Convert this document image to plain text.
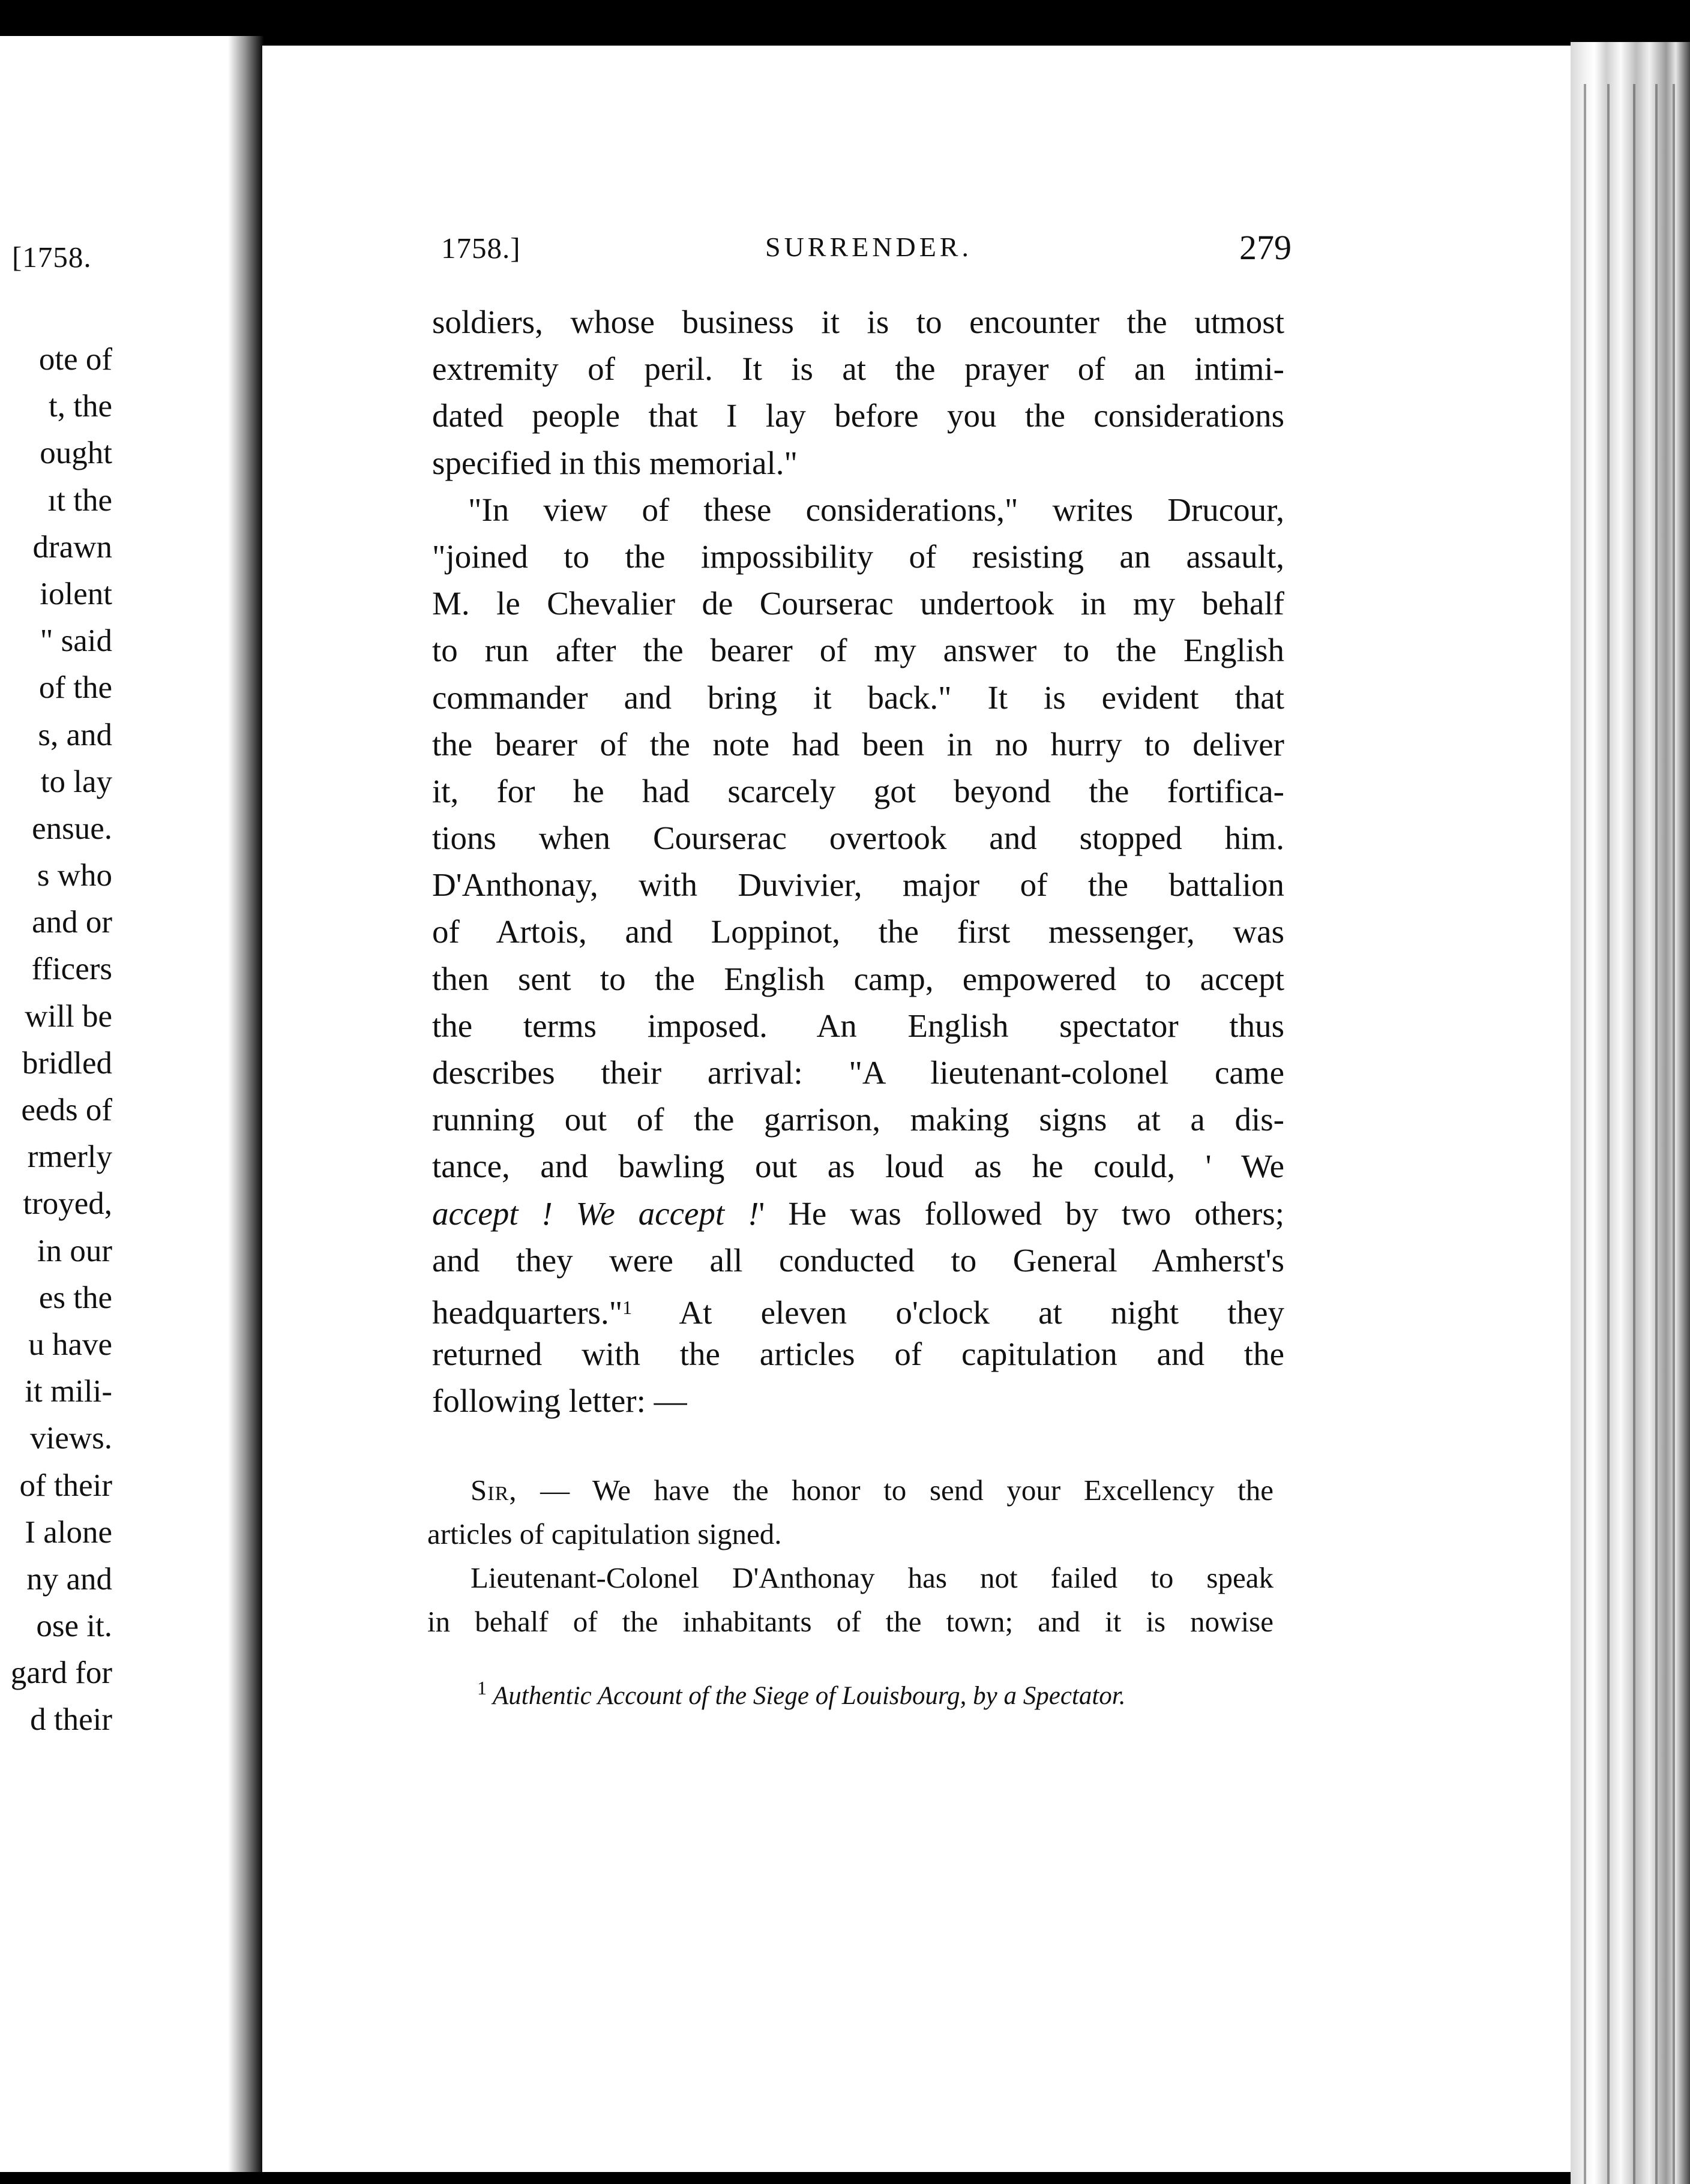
[1758.
ote of
t, the
ought
ıt the
drawn
iolent
" said
of the
s, and
to lay
ensue.
s who
and or
fficers
will be
bridled
eeds of
rmerly
troyed,
in our
es the
u have
it mili-
views.
of their
I alone
ny and
ose it.
gard for
d their
1758.]	SURRENDER.	279
soldiers, whose business it is to encounter the utmost
extremity of peril. It is at the prayer of an intimi-
dated people that I lay before you the considerations
specified in this memorial."
"In view of these considerations," writes Drucour,
"joined to the impossibility of resisting an assault,
M. le Chevalier de Courserac undertook in my behalf
to run after the bearer of my answer to the English
commander and bring it back." It is evident that
the bearer of the note had been in no hurry to deliver
it, for he had scarcely got beyond the fortifica-
tions when Courserac overtook and stopped him.
D'Anthonay, with Duvivier, major of the battalion
of Artois, and Loppinot, the first messenger, was
then sent to the English camp, empowered to accept
the terms imposed. An English spectator thus
describes their arrival: "A lieutenant-colonel came
running out of the garrison, making signs at a dis-
tance, and bawling out as loud as he could, ' We
accept ! We accept !' He was followed by two others;
and they were all conducted to General Amherst's
headquarters."$^1$ At eleven o'clock at night they
returned with the articles of capitulation and the
following letter: —
Sir, — We have the honor to send your Excellency the
articles of capitulation signed.
Lieutenant-Colonel D'Anthonay has not failed to speak
in behalf of the inhabitants of the town; and it is nowise
$^1$ Authentic Account of the Siege of Louisbourg, by a Spectator.
